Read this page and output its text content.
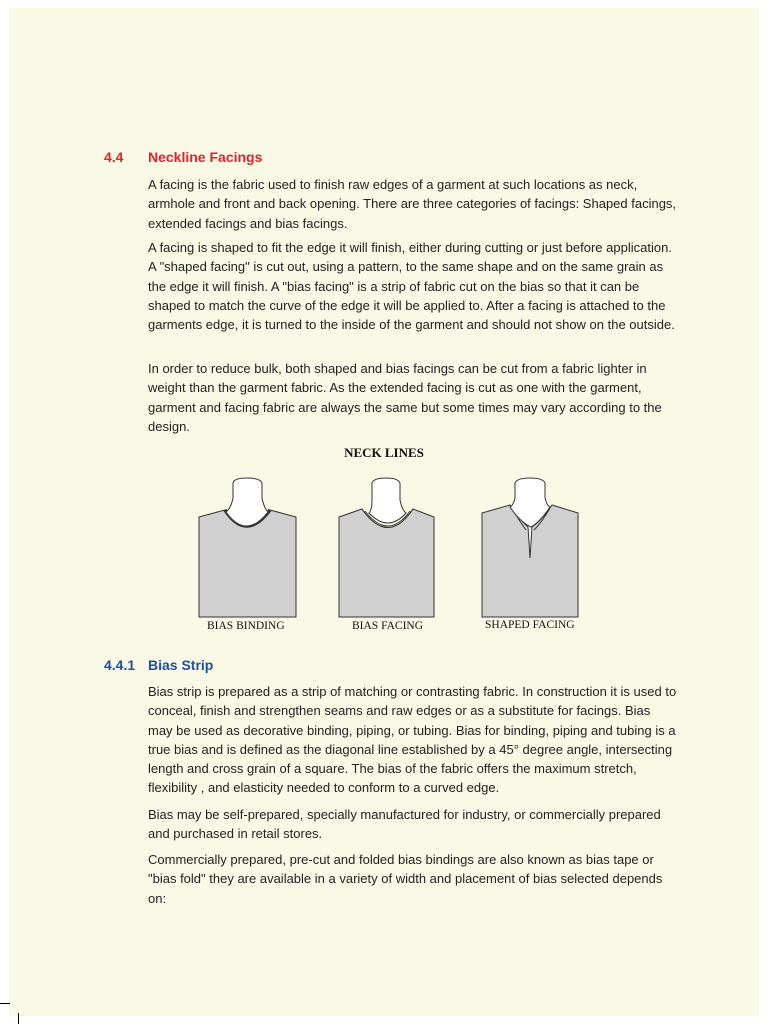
4.4 Neckline Facings

A facing is the fabric used to finish raw edges of a garment at such locations as neck, armhole and front and back opening. There are three categories of facings: Shaped facings, extended facings and bias facings.

A facing is shaped to fit the edge it will finish, either during cutting or just before application. A "shaped facing" is cut out, using a pattern, to the same shape and on the same grain as the edge it will finish. A "bias facing" is a strip of fabric cut on the bias so that it can be shaped to match the curve of the edge it will be applied to. After a facing is attached to the garments edge, it is turned to the inside of the garment and should not show on the outside.

In order to reduce bulk, both shaped and bias facings can be cut from a fabric lighter in weight than the garment fabric. As the extended facing is cut as one with the garment, garment and facing fabric are always the same but some times may vary according to the design.

NECK LINES
BIAS BINDING	BIAS FACING	SHAPED FACING
4.4.1 Bias Strip

Bias strip is prepared as a strip of matching or contrasting fabric. In construction it is used to conceal, finish and strengthen seams and raw edges or as a substitute for facings. Bias may be used as decorative binding, piping, or tubing. Bias for binding, piping and tubing is a true bias and is defined as the diagonal line established by a 45° degree angle, intersecting length and cross grain of a square. The bias of the fabric offers the maximum stretch, flexibility , and elasticity needed to conform to a curved edge.

Bias may be self-prepared, specially manufactured for industry, or commercially prepared and purchased in retail stores.

Commercially prepared, pre-cut and folded bias bindings are also known as bias tape or "bias fold" they are available in a variety of width and placement of bias selected depends on:
